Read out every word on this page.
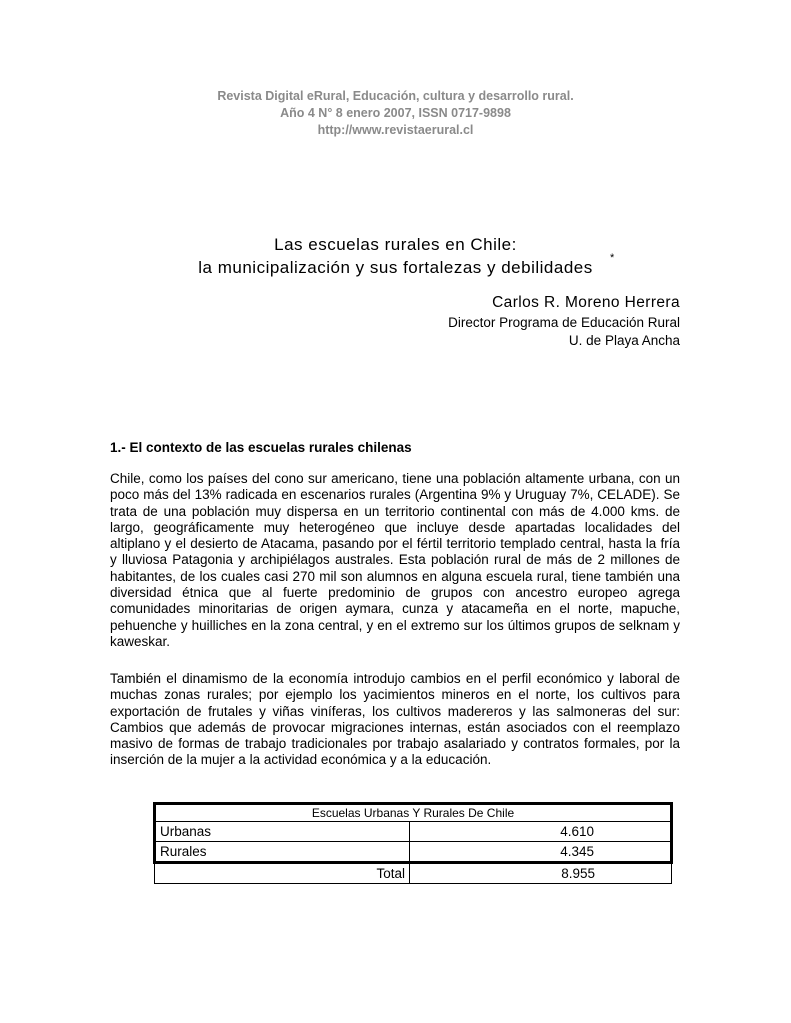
Revista Digital eRural, Educación, cultura y desarrollo rural.
Año 4 N° 8 enero 2007, ISSN 0717-9898
http://www.revistaerural.cl
Las escuelas rurales en Chile:
la municipalización y sus fortalezas y debilidades	*
Carlos R. Moreno Herrera
Director Programa de Educación Rural
U. de Playa Ancha
1.- El contexto de las escuelas rurales chilenas
Chile, como los países del cono sur americano, tiene una población altamente urbana, con un poco más del 13% radicada en escenarios rurales (Argentina 9% y Uruguay 7%, CELADE). Se trata de una población muy dispersa en un territorio continental con más de 4.000 kms. de largo, geográficamente muy heterogéneo que incluye desde apartadas localidades del altiplano y el desierto de Atacama, pasando por el fértil territorio templado central, hasta la fría y lluviosa Patagonia y archipiélagos australes. Esta población rural de más de 2 millones de habitantes, de los cuales casi 270 mil son alumnos en alguna escuela rural, tiene también una diversidad étnica que al fuerte predominio de grupos con ancestro europeo agrega comunidades minoritarias de origen aymara, cunza y atacameña en el norte, mapuche, pehuenche y huilliches en la zona central, y en el extremo sur los últimos grupos de selknam y kaweskar.
También el dinamismo de la economía introdujo cambios en el perfil económico y laboral de muchas zonas rurales; por ejemplo los yacimientos mineros en el norte, los cultivos para exportación de frutales y viñas viníferas, los cultivos madereros y las salmoneras del sur: Cambios que además de provocar migraciones internas, están asociados con el reemplazo masivo de formas de trabajo tradicionales por trabajo asalariado y contratos formales, por la inserción de la mujer a la actividad económica y a la educación.
Escuelas Urbanas Y Rurales De Chile	
Urbanas	4.610
Rurales	4.345
Total	8.955
